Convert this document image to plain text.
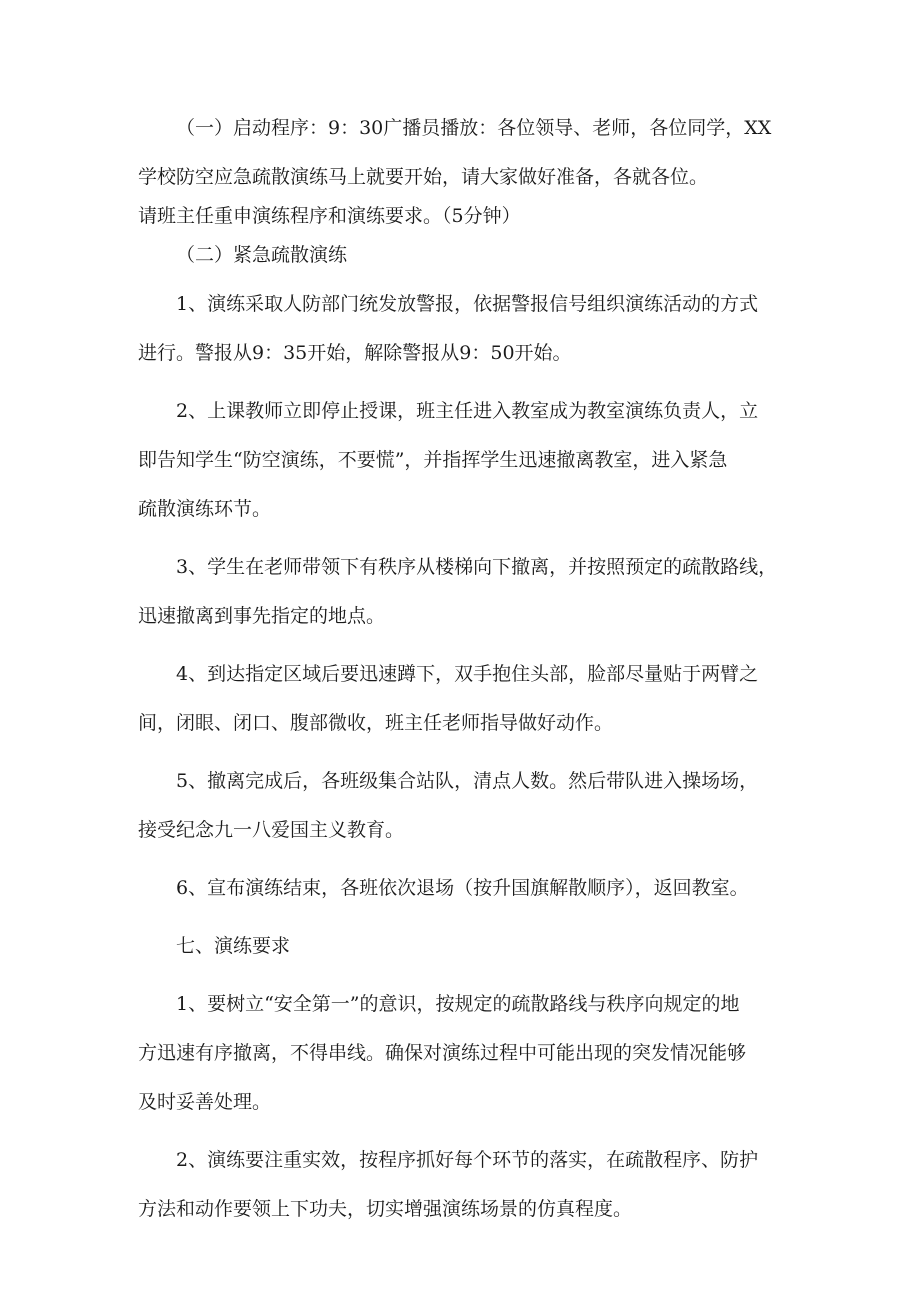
（一）启动程序：9：30广播员播放：各位领导、老师，各位同学，XX
学校防空应急疏散演练马上就要开始，请大家做好准备，各就各位。
请班主任重申演练程序和演练要求。（5分钟）
（二）紧急疏散演练
1、演练采取人防部门统发放警报，依据警报信号组织演练活动的方式
进行。警报从9：35开始，解除警报从9：50开始。
2、上课教师立即停止授课，班主任进入教室成为教室演练负责人，立
即告知学生“防空演练，不要慌”，并指挥学生迅速撤离教室，进入紧急
疏散演练环节。
3、学生在老师带领下有秩序从楼梯向下撤离，并按照预定的疏散路线，
迅速撤离到事先指定的地点。
4、到达指定区域后要迅速蹲下，双手抱住头部，脸部尽量贴于两臂之
间，闭眼、闭口、腹部微收，班主任老师指导做好动作。
5、撤离完成后，各班级集合站队，清点人数。然后带队进入操场场，
接受纪念九一八爱国主义教育。
6、宣布演练结束，各班依次退场（按升国旗解散顺序），返回教室。
七、演练要求
1、要树立“安全第一”的意识，按规定的疏散路线与秩序向规定的地
方迅速有序撤离，不得串线。确保对演练过程中可能出现的突发情况能够
及时妥善处理。
2、演练要注重实效，按程序抓好每个环节的落实，在疏散程序、防护
方法和动作要领上下功夫，切实增强演练场景的仿真程度。
